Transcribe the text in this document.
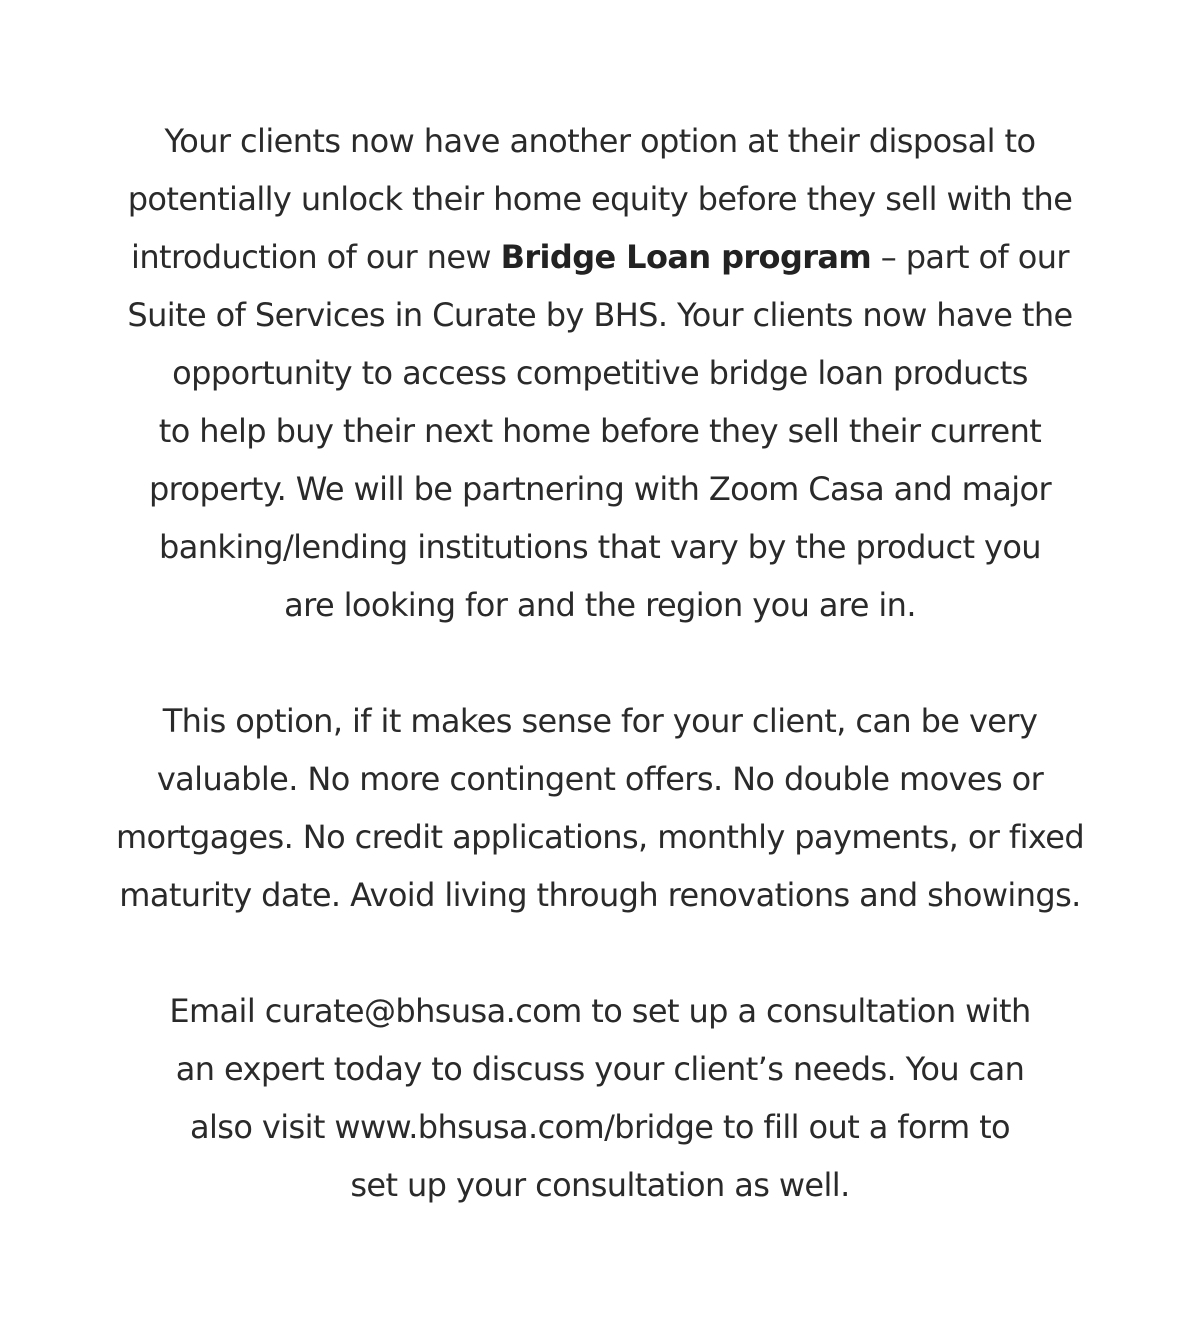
Your clients now have another option at their disposal to
potentially unlock their home equity before they sell with the
introduction of our new Bridge Loan program – part of our
Suite of Services in Curate by BHS. Your clients now have the
opportunity to access competitive bridge loan products
to help buy their next home before they sell their current
property. We will be partnering with Zoom Casa and major
banking/lending institutions that vary by the product you
are looking for and the region you are in.

This option, if it makes sense for your client, can be very
valuable. No more contingent offers. No double moves or
mortgages. No credit applications, monthly payments, or fixed
maturity date. Avoid living through renovations and showings.

Email curate@bhsusa.com to set up a consultation with
an expert today to discuss your client’s needs. You can
also visit www.bhsusa.com/bridge to fill out a form to
set up your consultation as well.
